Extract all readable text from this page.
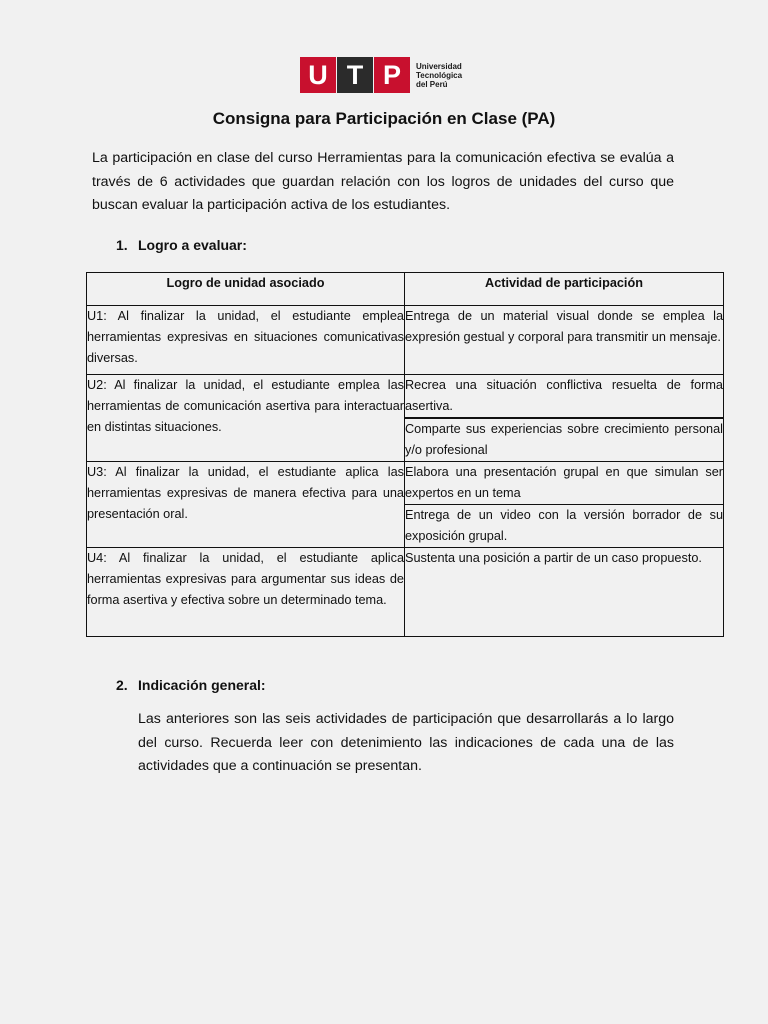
U T P	Universidad
Tecnológica
del Perú
Consigna para Participación en Clase (PA)
La participación en clase del curso Herramientas para la comunicación efectiva se evalúa a través de 6 actividades que guardan relación con los logros de unidades del curso que buscan evaluar la participación activa de los estudiantes.
1. Logro a evaluar:
Logro de unidad asociado	Actividad de participación
U1: Al finalizar la unidad, el estudiante emplea herramientas expresivas en situaciones comunicativas diversas.	Entrega de un material visual donde se emplea la expresión gestual y corporal para transmitir un mensaje.
U2: Al finalizar la unidad, el estudiante emplea las herramientas de comunicación asertiva para interactuar en distintas situaciones.	Recrea una situación conflictiva resuelta de forma asertiva.
	Comparte sus experiencias sobre crecimiento personal y/o profesional
U3: Al finalizar la unidad, el estudiante aplica las herramientas expresivas de manera efectiva para una presentación oral.	Elabora una presentación grupal en que simulan ser expertos en un tema
	Entrega de un video con la versión borrador de su exposición grupal.
U4: Al finalizar la unidad, el estudiante aplica herramientas expresivas para argumentar sus ideas de forma asertiva y efectiva sobre un determinado tema.	Sustenta una posición a partir de un caso propuesto.
2. Indicación general:
Las anteriores son las seis actividades de participación que desarrollarás a lo largo del curso. Recuerda leer con detenimiento las indicaciones de cada una de las actividades que a continuación se presentan.
